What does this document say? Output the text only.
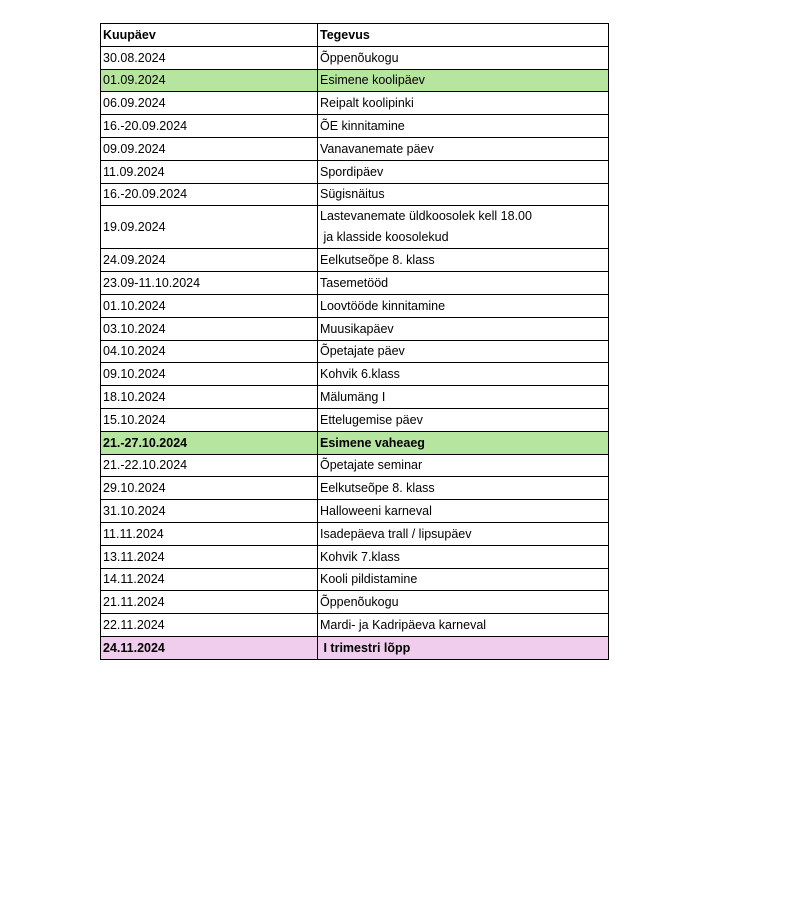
Kuupäev	Tegevus
30.08.2024	Õppenõukogu
01.09.2024	Esimene koolipäev
06.09.2024	Reipalt koolipinki
16.-20.09.2024	ÕE kinnitamine
09.09.2024	Vanavanemate päev
11.09.2024	Spordipäev
16.-20.09.2024	Sügisnäitus
19.09.2024	Lastevanemate üldkoosolek kell 18.00
ja klasside koosolekud

24.09.2024	Eelkutseõpe 8. klass
23.09-11.10.2024	Tasemetööd
01.10.2024	Loovtööde kinnitamine
03.10.2024	Muusikapäev
04.10.2024	Õpetajate päev
09.10.2024	Kohvik 6.klass
18.10.2024	Mälumäng I
15.10.2024	Ettelugemise päev
21.-27.10.2024	Esimene vaheaeg
21.-22.10.2024	Õpetajate seminar
29.10.2024	Eelkutseõpe 8. klass
31.10.2024	Halloweeni karneval
11.11.2024	Isadepäeva trall / lipsupäev
13.11.2024	Kohvik 7.klass
14.11.2024	Kooli pildistamine
21.11.2024	Õppenõukogu
22.11.2024	Mardi- ja Kadripäeva karneval
24.11.2024	I trimestri lõpp
